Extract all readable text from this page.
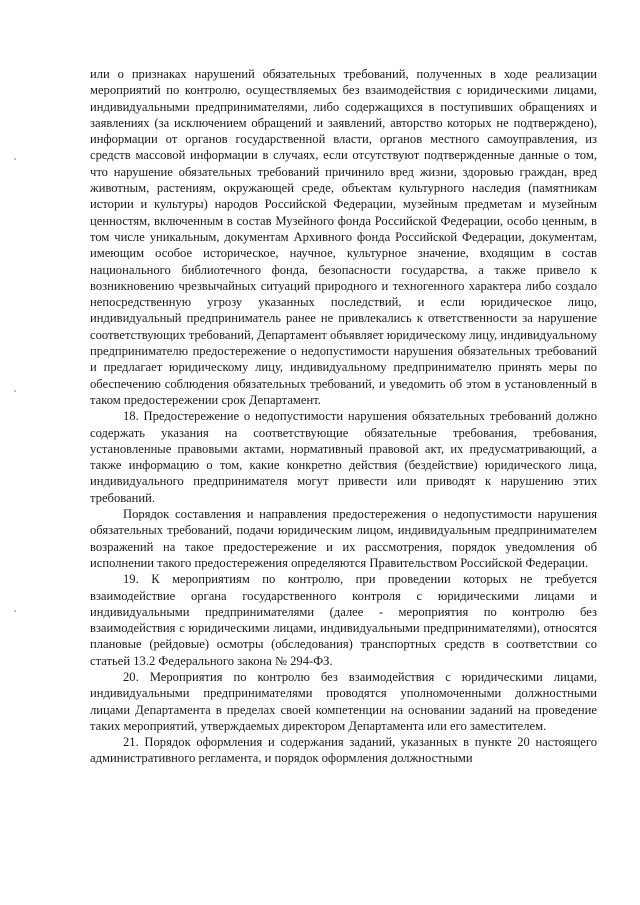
или о признаках нарушений обязательных требований, полученных в ходе реализации мероприятий по контролю, осуществляемых без взаимодействия с юридическими лицами, индивидуальными предпринимателями, либо содержащихся в поступивших обращениях и заявлениях (за исключением обращений и заявлений, авторство которых не подтверждено), информации от органов государственной власти, органов местного самоуправления, из средств массовой информации в случаях, если отсутствуют подтвержденные данные о том, что нарушение обязательных требований причинило вред жизни, здоровью граждан, вред животным, растениям, окружающей среде, объектам культурного наследия (памятникам истории и культуры) народов Российской Федерации, музейным предметам и музейным ценностям, включенным в состав Музейного фонда Российской Федерации, особо ценным, в том числе уникальным, документам Архивного фонда Российской Федерации, документам, имеющим особое историческое, научное, культурное значение, входящим в состав национального библиотечного фонда, безопасности государства, а также привело к возникновению чрезвычайных ситуаций природного и техногенного характера либо создало непосредственную угрозу указанных последствий, и если юридическое лицо, индивидуальный предприниматель ранее не привлекались к ответственности за нарушение соответствующих требований, Департамент объявляет юридическому лицу, индивидуальному предпринимателю предостережение о недопустимости нарушения обязательных требований и предлагает юридическому лицу, индивидуальному предпринимателю принять меры по обеспечению соблюдения обязательных требований, и уведомить об этом в установленный в таком предостережении срок Департамент.

18. Предостережение о недопустимости нарушения обязательных требований должно содержать указания на соответствующие обязательные требования, требования, установленные правовыми актами, нормативный правовой акт, их предусматривающий, а также информацию о том, какие конкретно действия (бездействие) юридического лица, индивидуального предпринимателя могут привести или приводят к нарушению этих требований.

Порядок составления и направления предостережения о недопустимости нарушения обязательных требований, подачи юридическим лицом, индивидуальным предпринимателем возражений на такое предостережение и их рассмотрения, порядок уведомления об исполнении такого предостережения определяются Правительством Российской Федерации.

19. К мероприятиям по контролю, при проведении которых не требуется взаимодействие органа государственного контроля с юридическими лицами и индивидуальными предпринимателями (далее - мероприятия по контролю без взаимодействия с юридическими лицами, индивидуальными предпринимателями), относятся плановые (рейдовые) осмотры (обследования) транспортных средств в соответствии со статьей 13.2 Федерального закона № 294-ФЗ.

20. Мероприятия по контролю без взаимодействия с юридическими лицами, индивидуальными предпринимателями проводятся уполномоченными должностными лицами Департамента в пределах своей компетенции на основании заданий на проведение таких мероприятий, утверждаемых директором Департамента или его заместителем.

21. Порядок оформления и содержания заданий, указанных в пункте 20 настоящего административного регламента, и порядок оформления должностными
